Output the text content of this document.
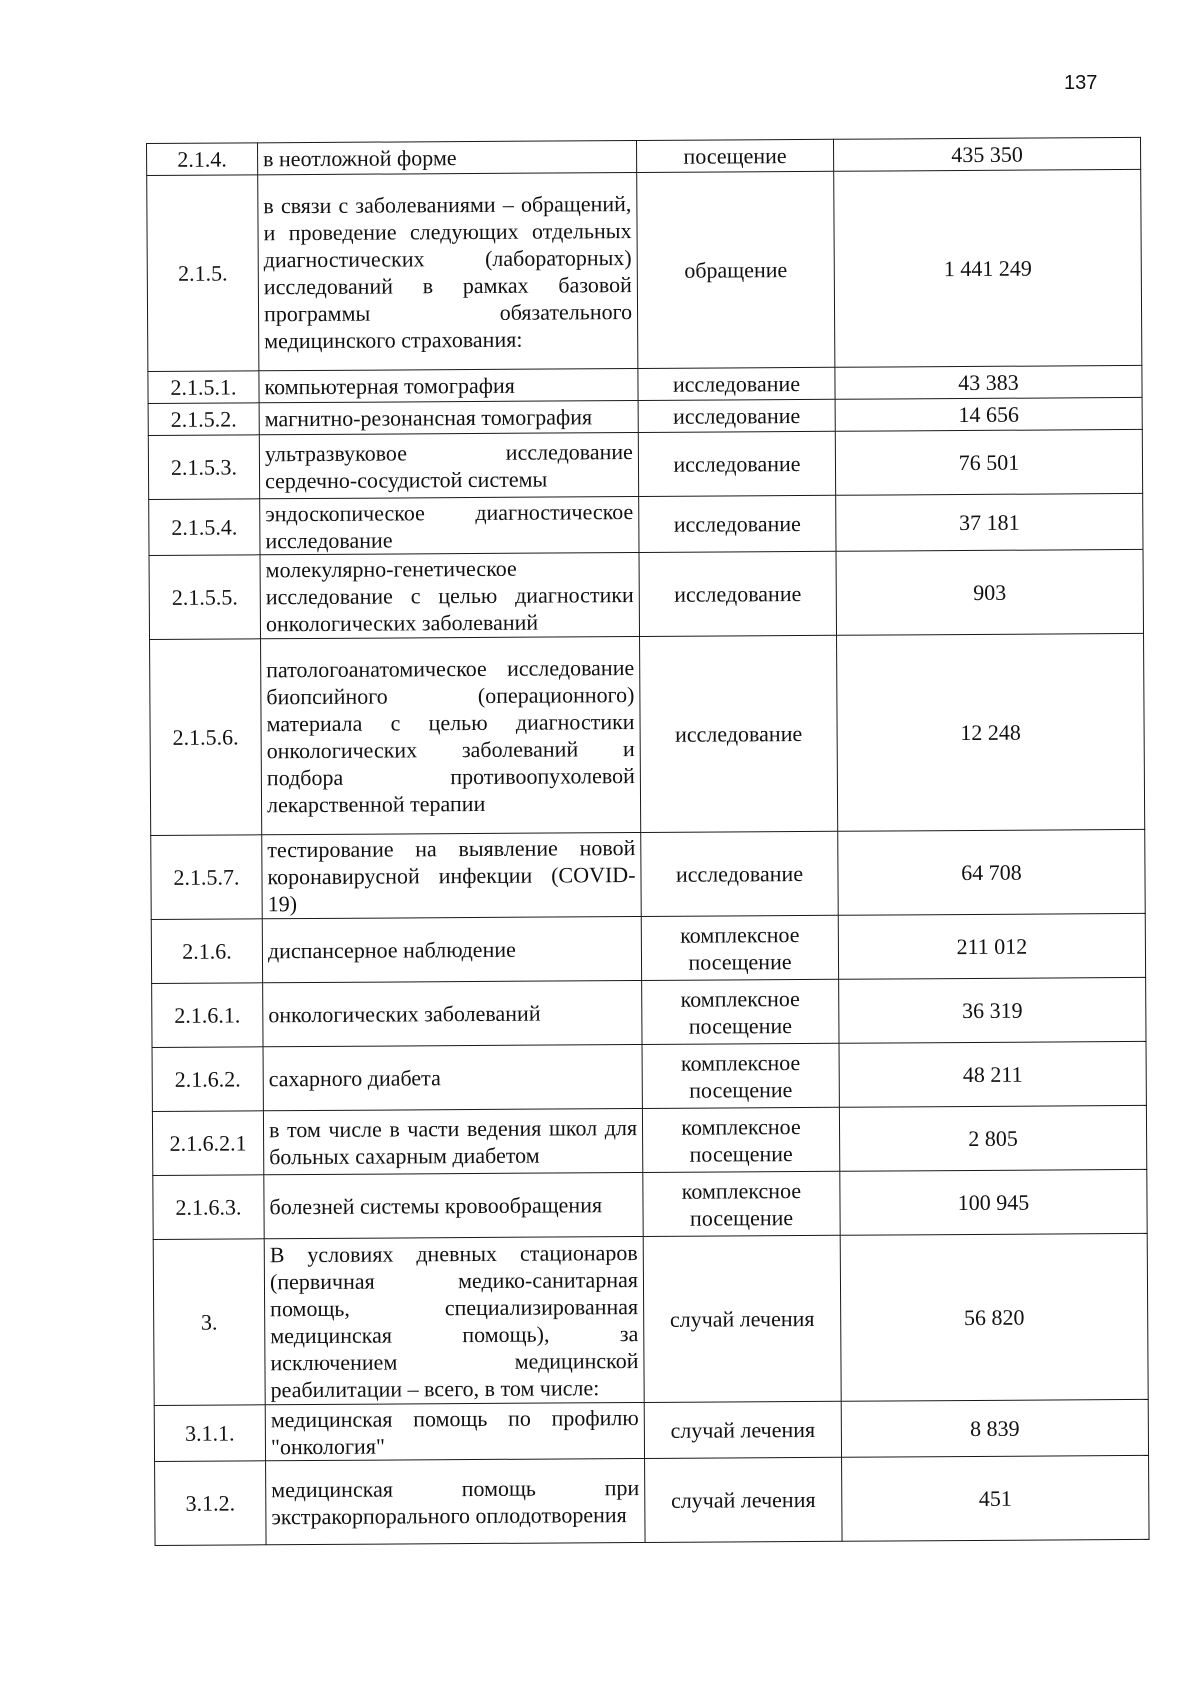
137
2.1.4.	в неотложной форме	посещение	435 350
2.1.5.	в связи с заболеваниями – обращений, и проведение следующих отдельных диагностических (лабораторных) исследований в рамках базовой программы обязательного медицинского страхования:	обращение	1 441 249
2.1.5.1.	компьютерная томография	исследование	43 383
2.1.5.2.	магнитно-резонансная томография	исследование	14 656
2.1.5.3.	ультразвуковое исследование сердечно-сосудистой системы	исследование	76 501
2.1.5.4.	эндоскопическое диагностическое исследование	исследование	37 181
2.1.5.5.	молекулярно-генетическое исследование с целью диагностики онкологических заболеваний	исследование	903
2.1.5.6.	патологоанатомическое исследование биопсийного (операционного) материала с целью диагностики онкологических заболеваний и подбора противоопухолевой лекарственной терапии	исследование	12 248
2.1.5.7.	тестирование на выявление новой коронавирусной инфекции (COVID-19)	исследование	64 708
2.1.6.	диспансерное наблюдение	комплексное посещение	211 012
2.1.6.1.	онкологических заболеваний	комплексное посещение	36 319
2.1.6.2.	сахарного диабета	комплексное посещение	48 211
2.1.6.2.1	в том числе в части ведения школ для больных сахарным диабетом	комплексное посещение	2 805
2.1.6.3.	болезней системы кровообращения	комплексное посещение	100 945
3.	В условиях дневных стационаров (первичная медико-санитарная помощь, специализированная медицинская помощь), за исключением медицинской реабилитации – всего, в том числе:	случай лечения	56 820
3.1.1.	медицинская помощь по профилю "онкология"	случай лечения	8 839
3.1.2.	медицинская помощь при экстракорпорального оплодотворения	случай лечения	451
